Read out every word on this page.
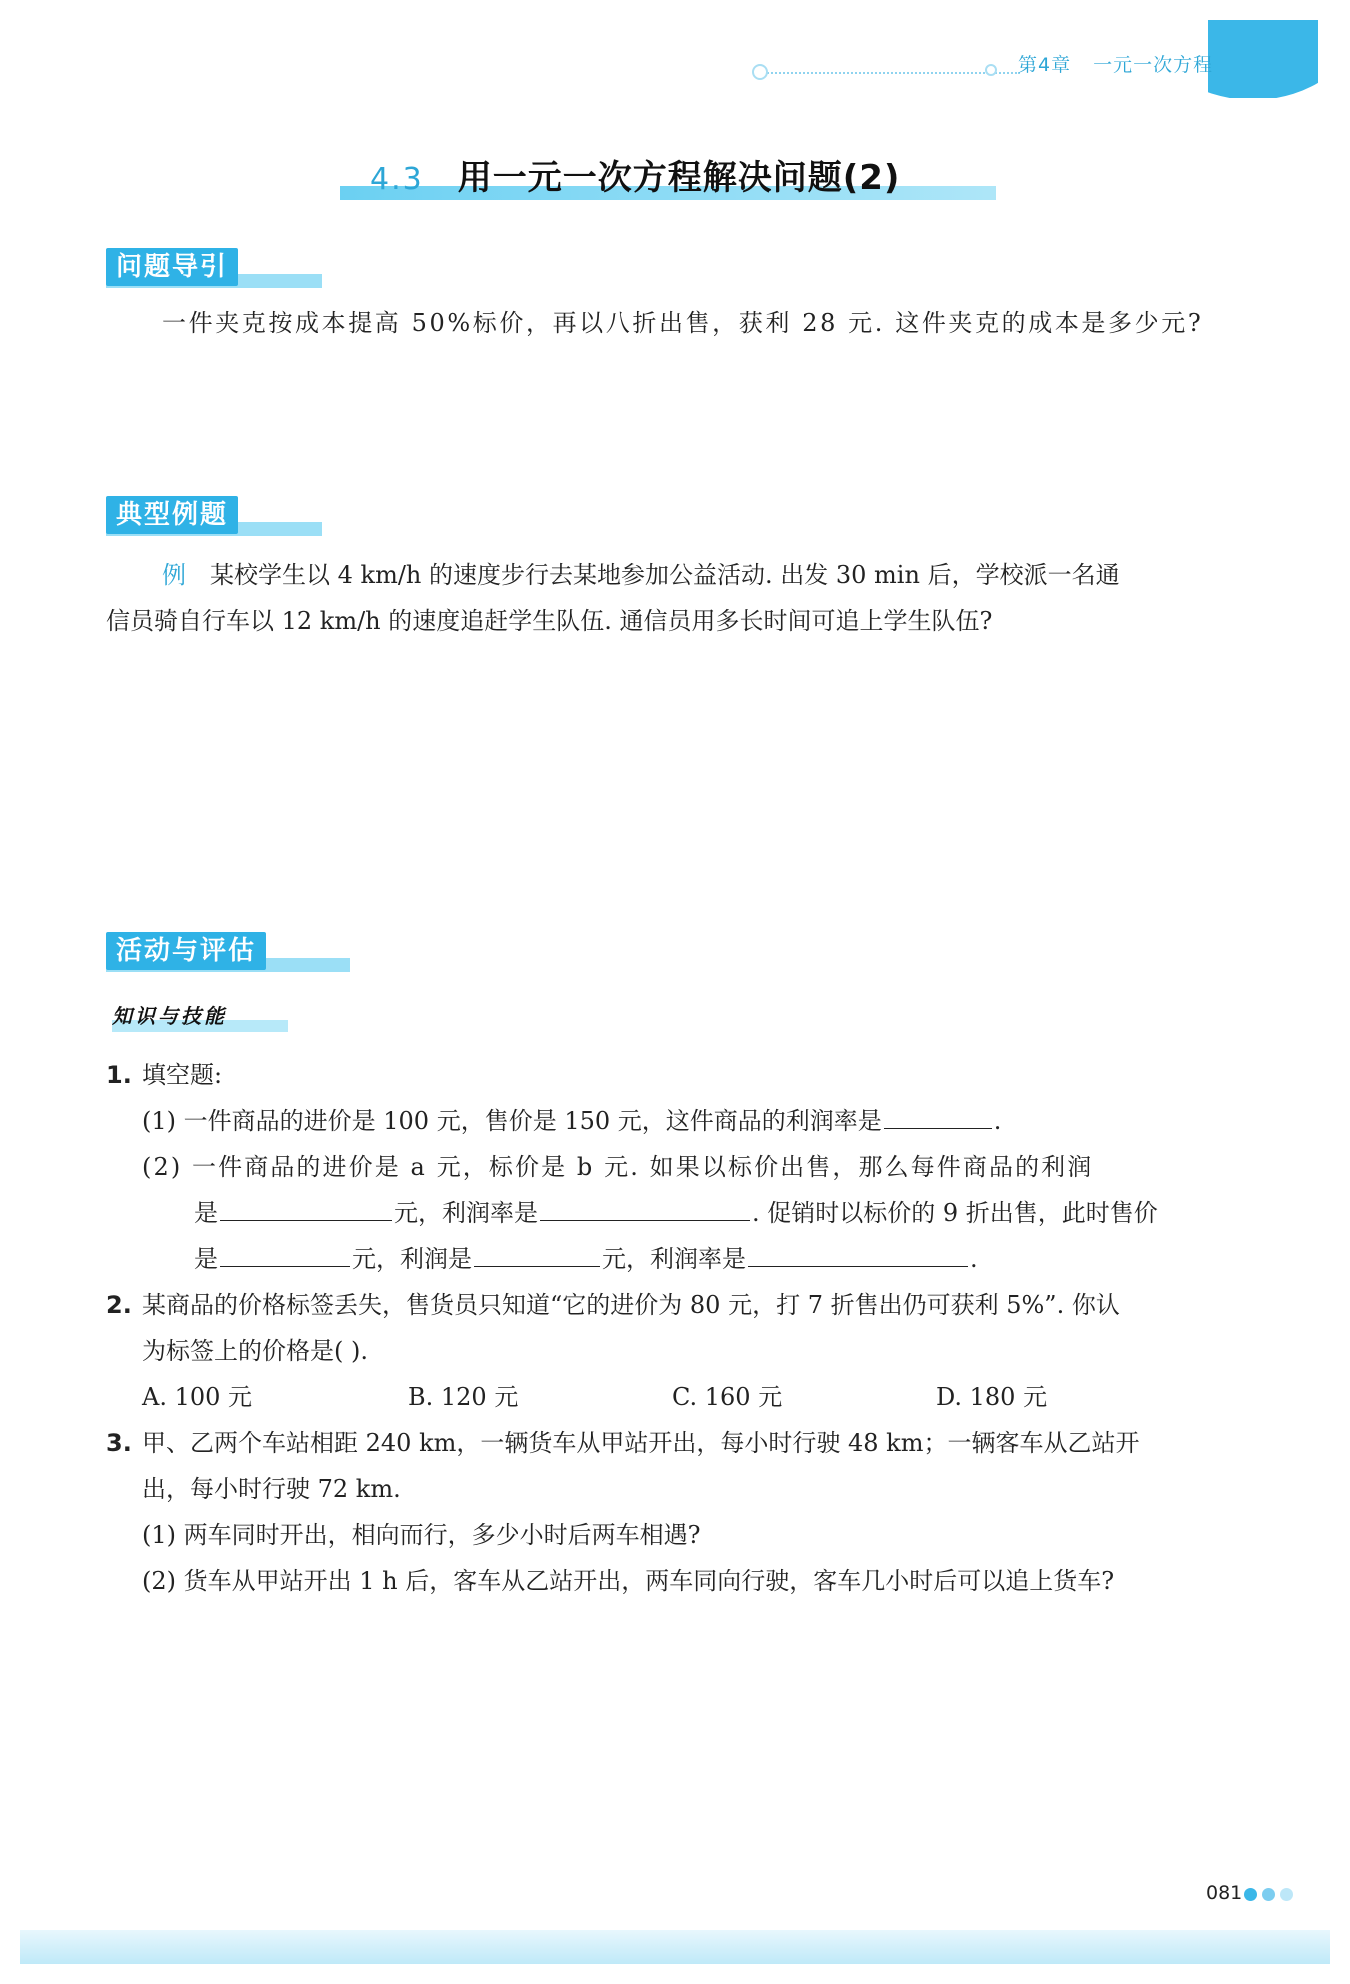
第4章 一元一次方程
4.3 用一元一次方程解决问题(2)
问题导引
一件夹克按成本提高 50%标价，再以八折出售，获利 28 元. 这件夹克的成本是多少元?
典型例题
例 某校学生以 4 km/h 的速度步行去某地参加公益活动. 出发 30 min 后，学校派一名通
信员骑自行车以 12 km/h 的速度追赶学生队伍. 通信员用多长时间可追上学生队伍?
活动与评估
知识与技能
1. 填空题:
(1) 一件商品的进价是 100 元，售价是 150 元，这件商品的利润率是	.
(2) 一件商品的进价是 a 元，标价是 b 元. 如果以标价出售，那么每件商品的利润
是	元，利润率是	. 促销时以标价的 9 折出售，此时售价
是	元，利润是	元，利润率是	.
2. 某商品的价格标签丢失，售货员只知道“它的进价为 80 元，打 7 折售出仍可获利 5%”. 你认
为标签上的价格是( ).
A. 100 元	B. 120 元	C. 160 元	D. 180 元
3. 甲、乙两个车站相距 240 km，一辆货车从甲站开出，每小时行驶 48 km；一辆客车从乙站开
出，每小时行驶 72 km.
(1) 两车同时开出，相向而行，多少小时后两车相遇?
(2) 货车从甲站开出 1 h 后，客车从乙站开出，两车同向行驶，客车几小时后可以追上货车?
081
